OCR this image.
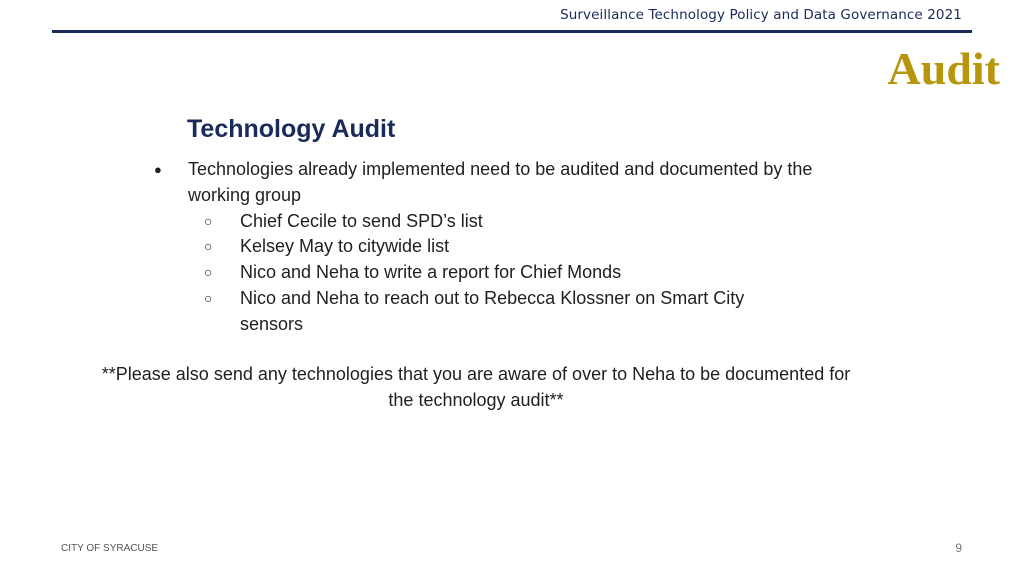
Surveillance Technology Policy and Data Governance 2021
Audit
Technology Audit
● Technologies already implemented need to be audited and documented by the working group
○ Chief Cecile to send SPD’s list
○ Kelsey May to citywide list
○ Nico and Neha to write a report for Chief Monds
○ Nico and Neha to reach out to Rebecca Klossner on Smart City sensors
**Please also send any technologies that you are aware of over to Neha to be documented for the technology audit**
CITY OF SYRACUSE	9
